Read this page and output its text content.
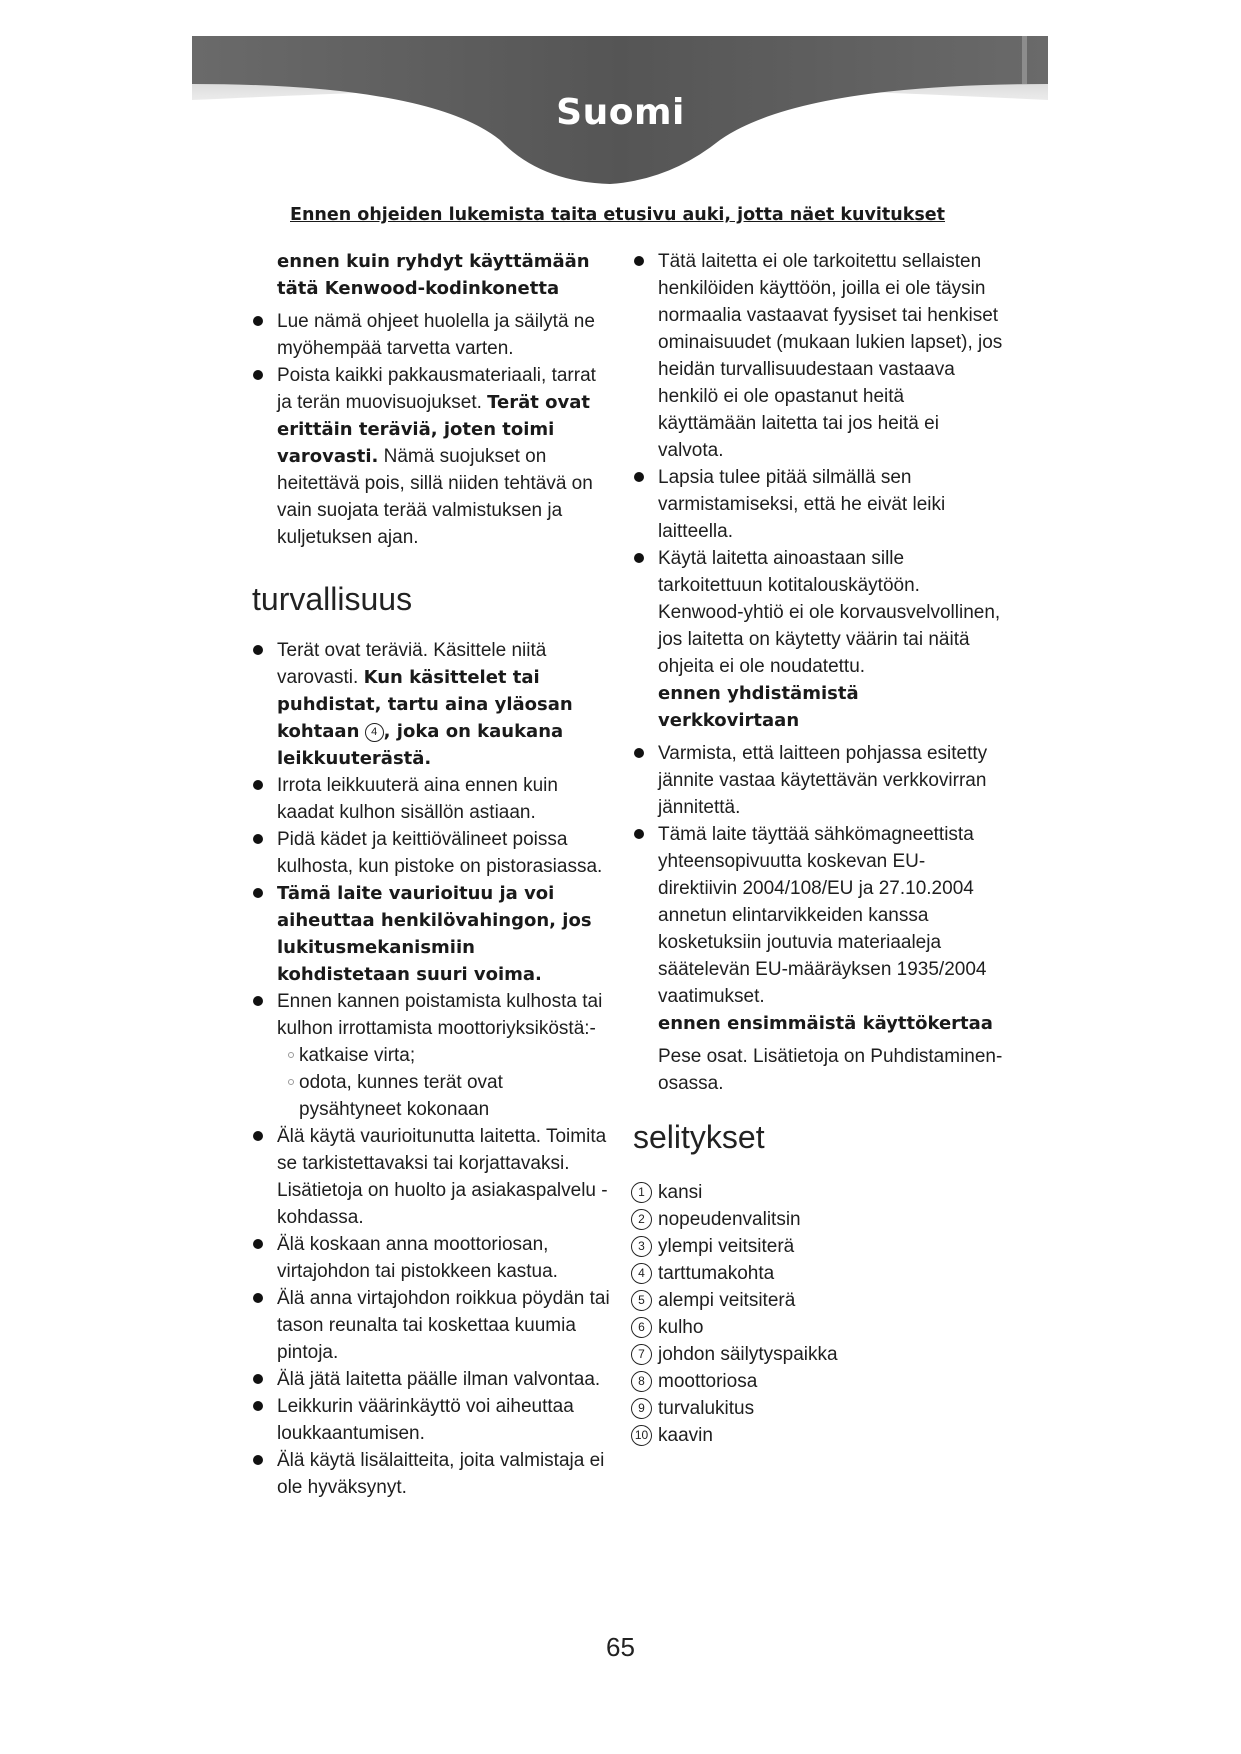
Suomi
Ennen ohjeiden lukemista taita etusivu auki, jotta näet kuvitukset
ennen kuin ryhdyt käyttämään tätä Kenwood-kodinkonetta
Lue nämä ohjeet huolella ja säilytä ne myöhempää tarvetta varten.
Poista kaikki pakkausmateriaali, tarrat ja terän muovisuojukset. Terät ovat erittäin teräviä, joten toimi varovasti. Nämä suojukset on heitettävä pois, sillä niiden tehtävä on vain suojata terää valmistuksen ja kuljetuksen ajan.
turvallisuus
Terät ovat teräviä. Käsittele niitä varovasti. Kun käsittelet tai puhdistat, tartu aina yläosan kohtaan 4 , joka on kaukana leikkuuterästä.
Irrota leikkuuterä aina ennen kuin kaadat kulhon sisällön astiaan.
Pidä kädet ja keittiövälineet poissa kulhosta, kun pistoke on pistorasiassa.
Tämä laite vaurioituu ja voi aiheuttaa henkilövahingon, jos lukitusmekanismiin kohdistetaan suuri voima.
Ennen kannen poistamista kulhosta tai kulhon irrottamista moottoriyksiköstä:-
katkaise virta;
odota, kunnes terät ovat pysähtyneet kokonaan
Älä käytä vaurioitunutta laitetta. Toimita se tarkistettavaksi tai korjattavaksi. Lisätietoja on huolto ja asiakaspalvelu -kohdassa.
Älä koskaan anna moottoriosan, virtajohdon tai pistokkeen kastua.
Älä anna virtajohdon roikkua pöydän tai tason reunalta tai koskettaa kuumia pintoja.
Älä jätä laitetta päälle ilman valvontaa.
Leikkurin väärinkäyttö voi aiheuttaa loukkaantumisen.
Älä käytä lisälaitteita, joita valmistaja ei ole hyväksynyt.
Tätä laitetta ei ole tarkoitettu sellaisten henkilöiden käyttöön, joilla ei ole täysin normaalia vastaavat fyysiset tai henkiset ominaisuudet (mukaan lukien lapset), jos heidän turvallisuudestaan vastaava henkilö ei ole opastanut heitä käyttämään laitetta tai jos heitä ei valvota.
Lapsia tulee pitää silmällä sen varmistamiseksi, että he eivät leiki laitteella.
Käytä laitetta ainoastaan sille tarkoitettuun kotitalouskäytöön. Kenwood-yhtiö ei ole korvausvelvollinen, jos laitetta on käytetty väärin tai näitä ohjeita ei ole noudatettu.
ennen yhdistämistä verkkovirtaan
Varmista, että laitteen pohjassa esitetty jännite vastaa käytettävän verkkovirran jännitettä.
Tämä laite täyttää sähkömagneettista yhteensopivuutta koskevan EU-direktiivin 2004/108/EU ja 27.10.2004 annetun elintarvikkeiden kanssa kosketuksiin joutuvia materiaaleja säätelevän EU-määräyksen 1935/2004 vaatimukset.
ennen ensimmäistä käyttökertaa
Pese osat. Lisätietoja on Puhdistaminen-osassa.
selitykset
1 kansi
2 nopeudenvalitsin
3 ylempi veitsiterä
4 tarttumakohta
5 alempi veitsiterä
6 kulho
7 johdon säilytyspaikka
8 moottoriosa
9 turvalukitus
10 kaavin
65
